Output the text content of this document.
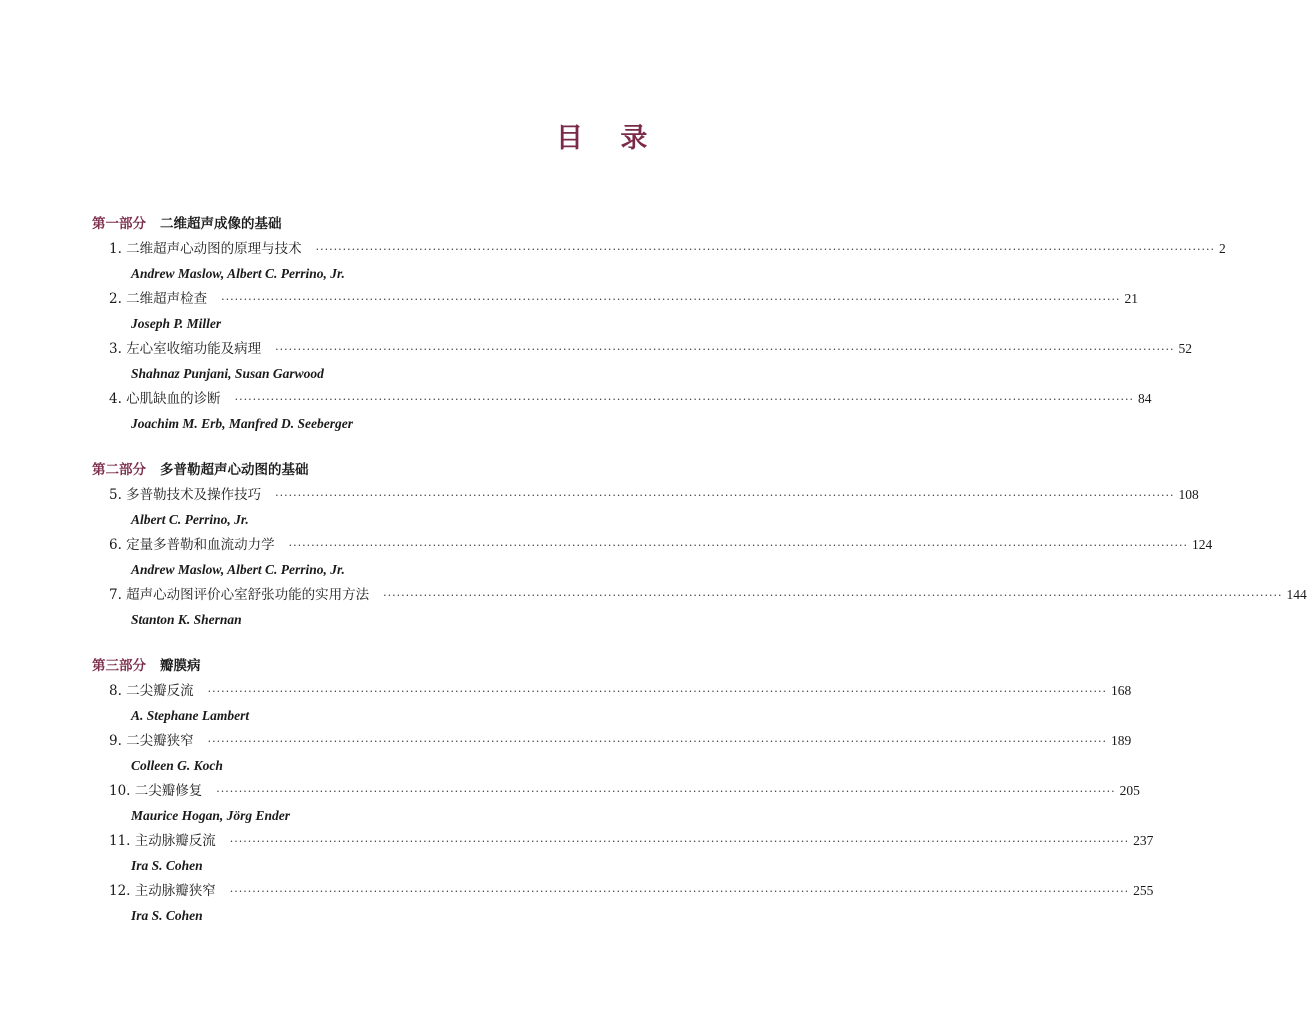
目 录
第一部分 二维超声成像的基础
1. 二维超声心动图的原理与技术 ········································································································································································································ 2
Andrew Maslow, Albert C. Perrino, Jr.
2. 二维超声检查 ········································································································································································································ 21
Joseph P. Miller
3. 左心室收缩功能及病理 ········································································································································································································ 52
Shahnaz Punjani, Susan Garwood
4. 心肌缺血的诊断 ········································································································································································································ 84
Joachim M. Erb, Manfred D. Seeberger
第二部分 多普勒超声心动图的基础
5. 多普勒技术及操作技巧 ········································································································································································································ 108
Albert C. Perrino, Jr.
6. 定量多普勒和血流动力学 ········································································································································································································ 124
Andrew Maslow, Albert C. Perrino, Jr.
7. 超声心动图评价心室舒张功能的实用方法 ········································································································································································································ 144
Stanton K. Shernan
第三部分 瓣膜病
8. 二尖瓣反流 ········································································································································································································ 168
A. Stephane Lambert
9. 二尖瓣狭窄 ········································································································································································································ 189
Colleen G. Koch
10. 二尖瓣修复 ········································································································································································································ 205
Maurice Hogan, Jörg Ender
11. 主动脉瓣反流 ········································································································································································································ 237
Ira S. Cohen
12. 主动脉瓣狭窄 ········································································································································································································ 255
Ira S. Cohen
